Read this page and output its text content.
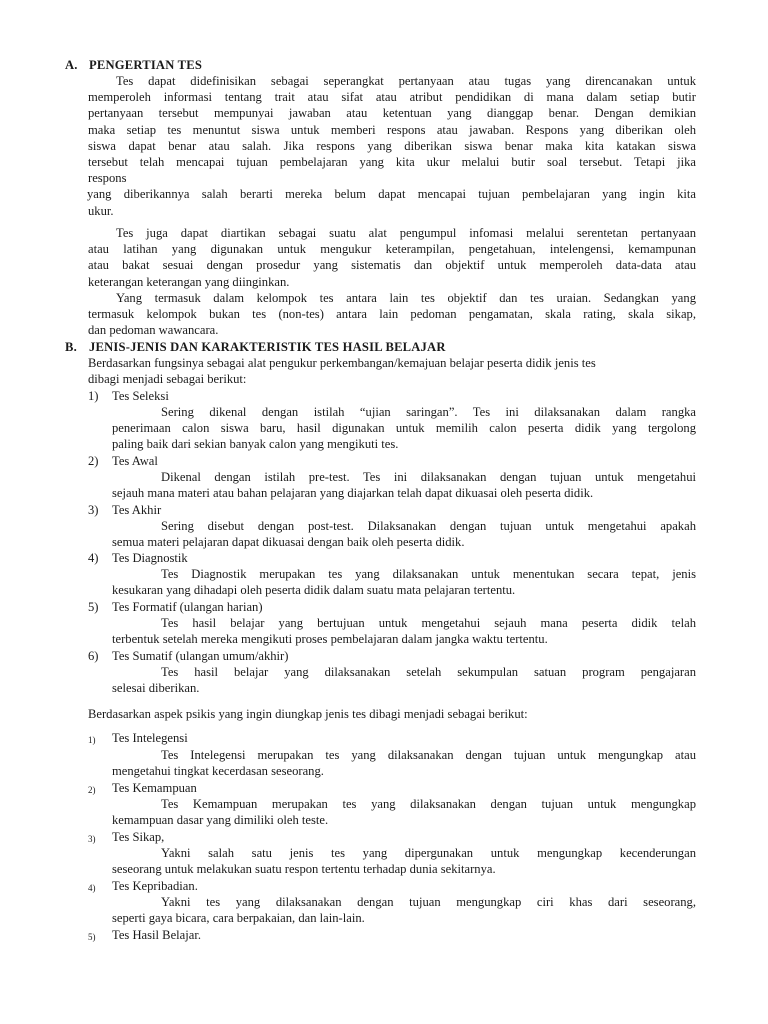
A. PENGERTIAN TES
Tes dapat didefinisikan sebagai seperangkat pertanyaan atau tugas yang direncanakan untuk
memperoleh informasi tentang trait atau sifat atau atribut pendidikan di mana dalam setiap butir
pertanyaan tersebut mempunyai jawaban atau ketentuan yang dianggap benar. Dengan demikian
maka setiap tes menuntut siswa untuk memberi respons atau jawaban. Respons yang diberikan oleh
siswa dapat benar atau salah. Jika respons yang diberikan siswa benar maka kita katakan siswa
tersebut telah mencapai tujuan pembelajaran yang kita ukur melalui butir soal tersebut. Tetapi jika
respons
yang diberikannya salah berarti mereka belum dapat mencapai tujuan pembelajaran yang ingin kita
ukur.
Tes juga dapat diartikan sebagai suatu alat pengumpul infomasi melalui serentetan pertanyaan
atau latihan yang digunakan untuk mengukur keterampilan, pengetahuan, intelengensi, kemampunan
atau bakat sesuai dengan prosedur yang sistematis dan objektif untuk memperoleh data-data atau
keterangan keterangan yang diinginkan.
Yang termasuk dalam kelompok tes antara lain tes objektif dan tes uraian. Sedangkan yang
termasuk kelompok bukan tes (non-tes) antara lain pedoman pengamatan, skala rating, skala sikap,
dan pedoman wawancara.
B. JENIS-JENIS DAN KARAKTERISTIK TES HASIL BELAJAR
Berdasarkan fungsinya sebagai alat pengukur perkembangan/kemajuan belajar peserta didik jenis tes
dibagi menjadi sebagai berikut:
1)	Tes Seleksi
Sering dikenal dengan istilah “ujian saringan”. Tes ini dilaksanakan dalam rangka
penerimaan calon siswa baru, hasil digunakan untuk memilih calon peserta didik yang tergolong
paling baik dari sekian banyak calon yang mengikuti tes.
2)	Tes Awal
Dikenal dengan istilah pre-test. Tes ini dilaksanakan dengan tujuan untuk mengetahui
sejauh mana materi atau bahan pelajaran yang diajarkan telah dapat dikuasai oleh peserta didik.
3)	Tes Akhir
Sering disebut dengan post-test. Dilaksanakan dengan tujuan untuk mengetahui apakah
semua materi pelajaran dapat dikuasai dengan baik oleh peserta didik.
4)	Tes Diagnostik
Tes Diagnostik merupakan tes yang dilaksanakan untuk menentukan secara tepat, jenis
kesukaran yang dihadapi oleh peserta didik dalam suatu mata pelajaran tertentu.
5)	Tes Formatif (ulangan harian)
Tes hasil belajar yang bertujuan untuk mengetahui sejauh mana peserta didik telah
terbentuk setelah mereka mengikuti proses pembelajaran dalam jangka waktu tertentu.
6)	Tes Sumatif (ulangan umum/akhir)
Tes hasil belajar yang dilaksanakan setelah sekumpulan satuan program pengajaran
selesai diberikan.
Berdasarkan aspek psikis yang ingin diungkap jenis tes dibagi menjadi sebagai berikut:
1)	Tes Intelegensi
Tes Intelegensi merupakan tes yang dilaksanakan dengan tujuan untuk mengungkap atau
mengetahui tingkat kecerdasan seseorang.
2)	Tes Kemampuan
Tes Kemampuan merupakan tes yang dilaksanakan dengan tujuan untuk mengungkap
kemampuan dasar yang dimiliki oleh teste.
3)	Tes Sikap,
Yakni salah satu jenis tes yang dipergunakan untuk mengungkap kecenderungan
seseorang untuk melakukan suatu respon tertentu terhadap dunia sekitarnya.
4)	Tes Kepribadian.
Yakni tes yang dilaksanakan dengan tujuan mengungkap ciri khas dari seseorang,
seperti gaya bicara, cara berpakaian, dan lain-lain.
5)	Tes Hasil Belajar.
